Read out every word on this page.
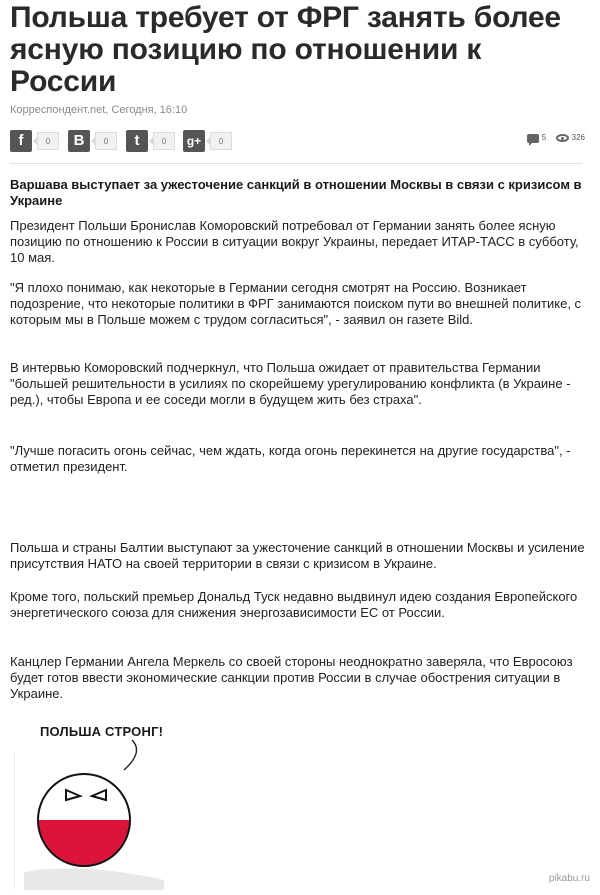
Польша требует от ФРГ занять более ясную позицию по отношении к России
Корреспондент.net, Сегодня, 16:10
f	0	В	0	t	0	g+	0	5	326
Варшава выступает за ужесточение санкций в отношении Москвы в связи с кризисом в Украине

Президент Польши Бронислав Коморовский потребовал от Германии занять более ясную позицию по отношению к России в ситуации вокруг Украины, передает ИТАР-ТАСС в субботу, 10 мая.

"Я плохо понимаю, как некоторые в Германии сегодня смотрят на Россию. Возникает подозрение, что некоторые политики в ФРГ занимаются поиском пути во внешней политике, с которым мы в Польше можем с трудом согласиться", - заявил он газете Bild.

В интервью Коморовский подчеркнул, что Польша ожидает от правительства Германии "большей решительности в усилиях по скорейшему урегулированию конфликта (в Украине - ред.), чтобы Европа и ее соседи могли в будущем жить без страха".

"Лучше погасить огонь сейчас, чем ждать, когда огонь перекинется на другие государства", - отметил президент.

Польша и страны Балтии выступают за ужесточение санкций в отношении Москвы и усиление присутствия НАТО на своей территории в связи с кризисом в Украине.

Кроме того, польский премьер Дональд Туск недавно выдвинул идею создания Европейского энергетического союза для снижения энергозависимости ЕС от России.

Канцлер Германии Ангела Меркель со своей стороны неоднократно заверяла, что Евросоюз будет готов ввести экономические санкции против России в случае обострения ситуации в Украине.

ПОЛЬША СТРОНГ!
pikabu.ru
